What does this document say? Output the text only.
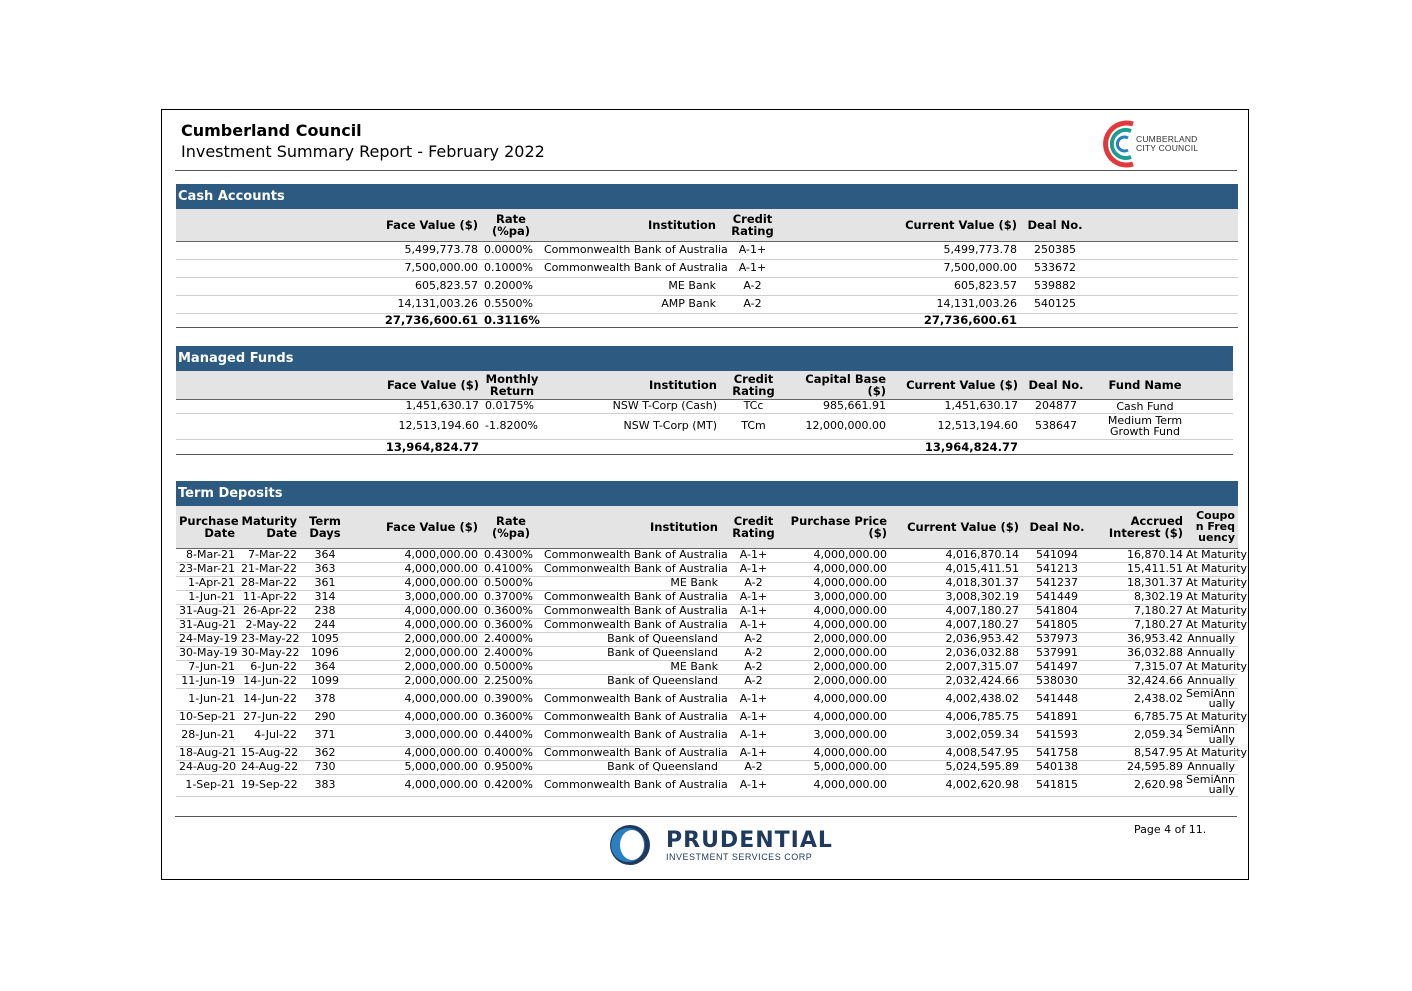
Cumberland Council
Investment Summary Report - February 2022
CUMBERLAND
CITY COUNCIL
Cash Accounts
	Face Value ($)	Rate (%pa)	Institution	Credit Rating	Current Value ($)	Deal No.	
	5,499,773.78	0.0000%	Commonwealth Bank of Australia	A-1+	5,499,773.78	250385	
	7,500,000.00	0.1000%	Commonwealth Bank of Australia	A-1+	7,500,000.00	533672	
	605,823.57	0.2000%	ME Bank	A-2	605,823.57	539882	
	14,131,003.26	0.5500%	AMP Bank	A-2	14,131,003.26	540125	
	27,736,600.61	0.3116%			27,736,600.61		
Managed Funds
	Face Value ($)	Monthly Return	Institution	Credit Rating	Capital Base ($)	Current Value ($)	Deal No.	Fund Name	
	1,451,630.17	0.0175%	NSW T-Corp (Cash)	TCc	985,661.91	1,451,630.17	204877	Cash Fund	
	12,513,194.60	-1.8200%	NSW T-Corp (MT)	TCm	12,000,000.00	12,513,194.60	538647	Medium Term Growth Fund	
	13,964,824.77					13,964,824.77			
Term Deposits
Purchase Date	Maturity Date	Term Days	Face Value ($)	Rate (%pa)	Institution	Credit Rating	Purchase Price ($)	Current Value ($)	Deal No.	Accrued Interest ($)	Coupon Frequency
8-Mar-21	7-Mar-22	364	4,000,000.00	0.4300%	Commonwealth Bank of Australia	A-1+	4,000,000.00	4,016,870.14	541094	16,870.14	At Maturity
23-Mar-21	21-Mar-22	363	4,000,000.00	0.4100%	Commonwealth Bank of Australia	A-1+	4,000,000.00	4,015,411.51	541213	15,411.51	At Maturity
1-Apr-21	28-Mar-22	361	4,000,000.00	0.5000%	ME Bank	A-2	4,000,000.00	4,018,301.37	541237	18,301.37	At Maturity
1-Jun-21	11-Apr-22	314	3,000,000.00	0.3700%	Commonwealth Bank of Australia	A-1+	3,000,000.00	3,008,302.19	541449	8,302.19	At Maturity
31-Aug-21	26-Apr-22	238	4,000,000.00	0.3600%	Commonwealth Bank of Australia	A-1+	4,000,000.00	4,007,180.27	541804	7,180.27	At Maturity
31-Aug-21	2-May-22	244	4,000,000.00	0.3600%	Commonwealth Bank of Australia	A-1+	4,000,000.00	4,007,180.27	541805	7,180.27	At Maturity
24-May-19	23-May-22	1095	2,000,000.00	2.4000%	Bank of Queensland	A-2	2,000,000.00	2,036,953.42	537973	36,953.42	Annually
30-May-19	30-May-22	1096	2,000,000.00	2.4000%	Bank of Queensland	A-2	2,000,000.00	2,036,032.88	537991	36,032.88	Annually
7-Jun-21	6-Jun-22	364	2,000,000.00	0.5000%	ME Bank	A-2	2,000,000.00	2,007,315.07	541497	7,315.07	At Maturity
11-Jun-19	14-Jun-22	1099	2,000,000.00	2.2500%	Bank of Queensland	A-2	2,000,000.00	2,032,424.66	538030	32,424.66	Annually
1-Jun-21	14-Jun-22	378	4,000,000.00	0.3900%	Commonwealth Bank of Australia	A-1+	4,000,000.00	4,002,438.02	541448	2,438.02	SemiAnnually
10-Sep-21	27-Jun-22	290	4,000,000.00	0.3600%	Commonwealth Bank of Australia	A-1+	4,000,000.00	4,006,785.75	541891	6,785.75	At Maturity
28-Jun-21	4-Jul-22	371	3,000,000.00	0.4400%	Commonwealth Bank of Australia	A-1+	3,000,000.00	3,002,059.34	541593	2,059.34	SemiAnnually
18-Aug-21	15-Aug-22	362	4,000,000.00	0.4000%	Commonwealth Bank of Australia	A-1+	4,000,000.00	4,008,547.95	541758	8,547.95	At Maturity
24-Aug-20	24-Aug-22	730	5,000,000.00	0.9500%	Bank of Queensland	A-2	5,000,000.00	5,024,595.89	540138	24,595.89	Annually
1-Sep-21	19-Sep-22	383	4,000,000.00	0.4200%	Commonwealth Bank of Australia	A-1+	4,000,000.00	4,002,620.98	541815	2,620.98	SemiAnnually
Page 4 of 11.
PRUDENTIAL
INVESTMENT SERVICES CORP
